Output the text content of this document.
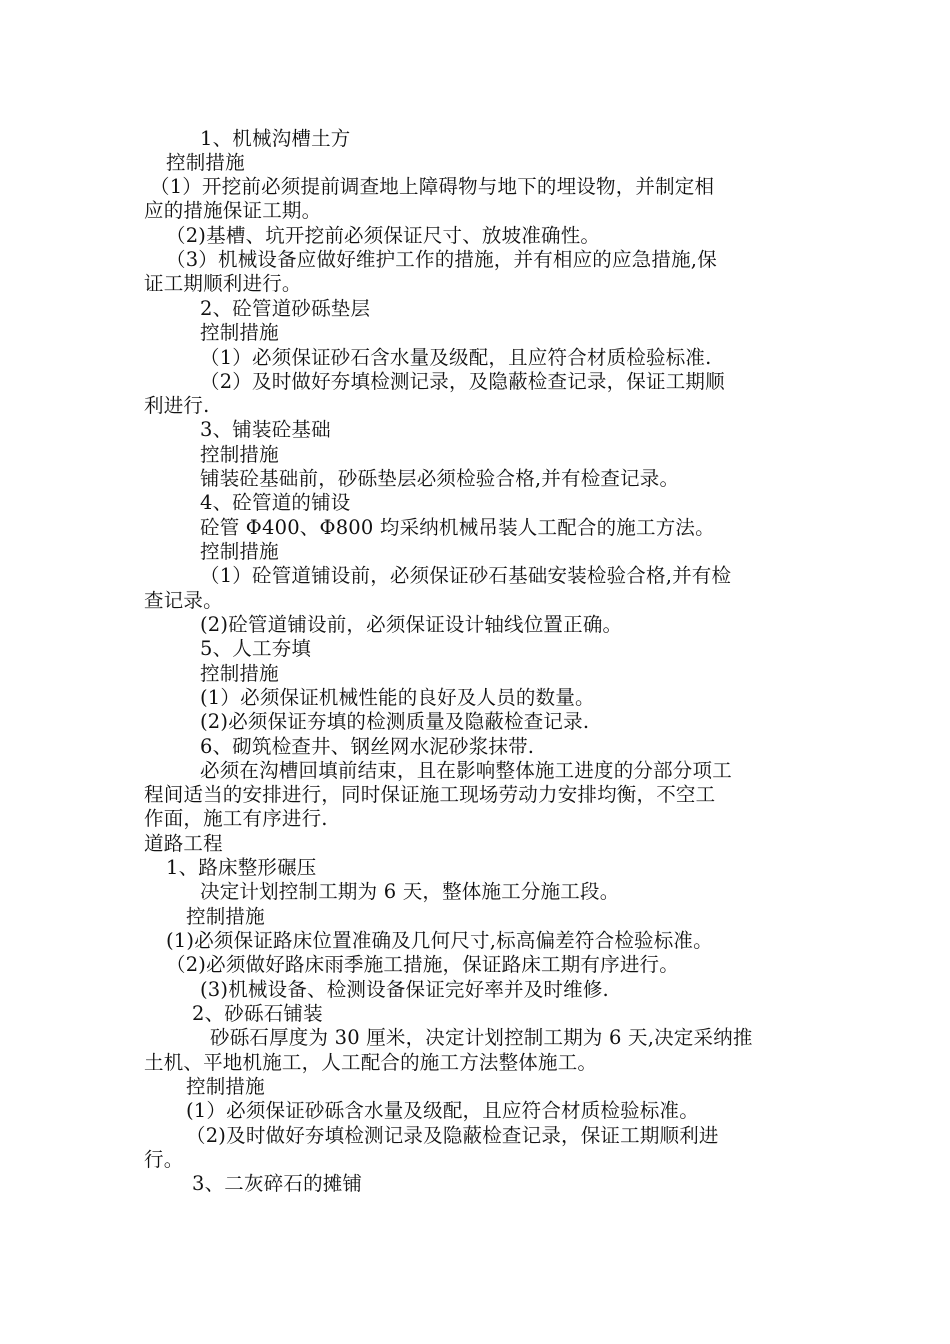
1、机械沟槽土方
控制措施
（1）开挖前必须提前调查地上障碍物与地下的埋设物，并制定相
应的措施保证工期。
（2)基槽、坑开挖前必须保证尺寸、放坡准确性。
（3）机械设备应做好维护工作的措施，并有相应的应急措施,保
证工期顺利进行。
2、砼管道砂砾垫层
控制措施
（1）必须保证砂石含水量及级配，且应符合材质检验标准.
（2）及时做好夯填检测记录，及隐蔽检查记录，保证工期顺
利进行.
3、铺装砼基础
控制措施
铺装砼基础前，砂砾垫层必须检验合格,并有检查记录。
4、砼管道的铺设
砼管 Φ400、Φ800 均采纳机械吊装人工配合的施工方法。
控制措施
（1）砼管道铺设前，必须保证砂石基础安装检验合格,并有检
查记录。
(2)砼管道铺设前，必须保证设计轴线位置正确。
5、人工夯填
控制措施
(1）必须保证机械性能的良好及人员的数量。
(2)必须保证夯填的检测质量及隐蔽检查记录.
6、砌筑检查井、钢丝网水泥砂浆抹带.
必须在沟槽回填前结束，且在影响整体施工进度的分部分项工
程间适当的安排进行，同时保证施工现场劳动力安排均衡，不空工
作面，施工有序进行.
道路工程
1、路床整形碾压
决定计划控制工期为 6 天，整体施工分施工段。
控制措施
(1)必须保证路床位置准确及几何尺寸,标高偏差符合检验标准。
（2)必须做好路床雨季施工措施，保证路床工期有序进行。
(3)机械设备、检测设备保证完好率并及时维修.
2、砂砾石铺装
砂砾石厚度为 30 厘米，决定计划控制工期为 6 天,决定采纳推
土机、平地机施工，人工配合的施工方法整体施工。
控制措施
(1）必须保证砂砾含水量及级配，且应符合材质检验标准。
（2)及时做好夯填检测记录及隐蔽检查记录，保证工期顺利进
行。
3、二灰碎石的摊铺
